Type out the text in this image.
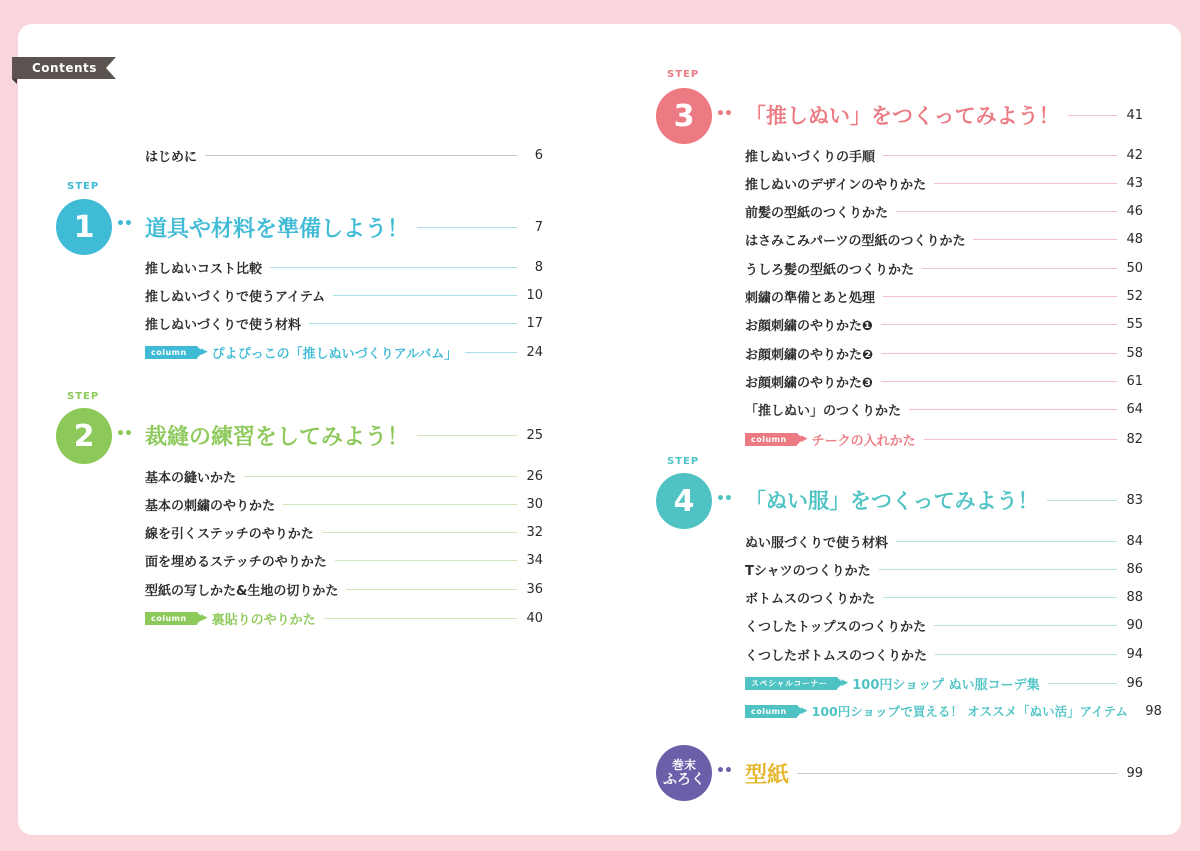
Contents
はじめに	6
STEP
1 •• 道具や材料を準備しよう！	7
推しぬいコスト比較	8
推しぬいづくりで使うアイテム	10
推しぬいづくりで使う材料	17
column	▶ ぴよぴっこの「推しぬいづくりアルバム」	24
STEP
2 •• 裁縫の練習をしてみよう！	25
基本の縫いかた	26
基本の刺繍のやりかた	30
線を引くステッチのやりかた	32
面を埋めるステッチのやりかた	34
型紙の写しかた&生地の切りかた	36
column	▶ 裏貼りのやりかた	40
STEP
3 •• 「推しぬい」をつくってみよう！	41
推しぬいづくりの手順	42
推しぬいのデザインのやりかた	43
前髪の型紙のつくりかた	46
はさみこみパーツの型紙のつくりかた	48
うしろ髪の型紙のつくりかた	50
刺繍の準備とあと処理	52
お顔刺繍のやりかた❶	55
お顔刺繍のやりかた❷	58
お顔刺繍のやりかた❸	61
「推しぬい」のつくりかた	64
column	▶ チークの入れかた	82
STEP
4 •• 「ぬい服」をつくってみよう！	83
ぬい服づくりで使う材料	84
Tシャツのつくりかた	86
ボトムスのつくりかた	88
くつしたトップスのつくりかた	90
くつしたボトムスのつくりかた	94
スペシャルコーナー	▶ 100円ショップ ぬい服コーデ集	96
column	▶ 100円ショップで買える！ オススメ「ぬい活」アイテム 98
巻末
ふろく
•• 型紙	99
